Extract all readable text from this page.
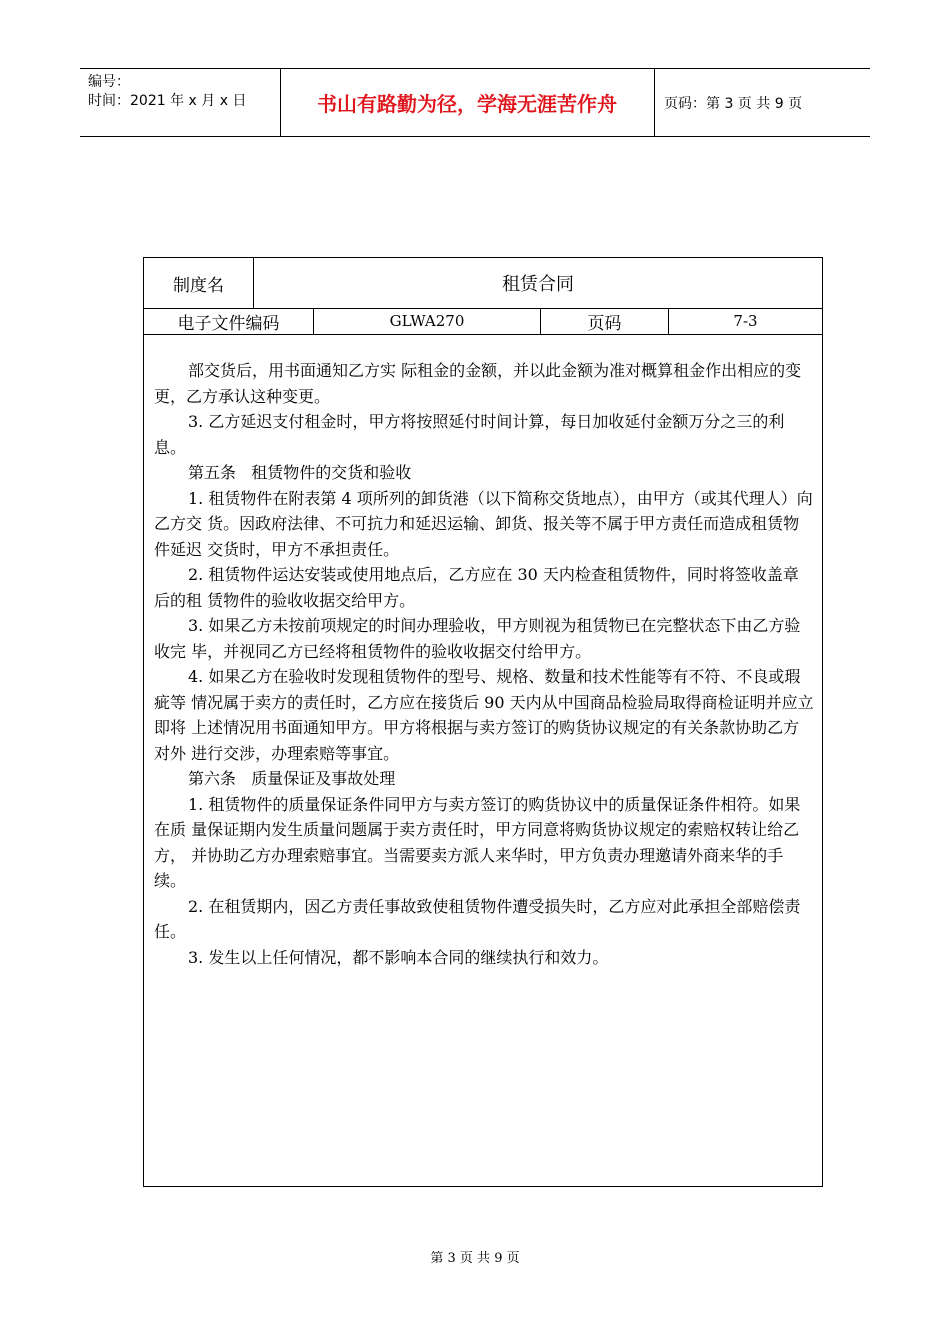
编号：
时间：2021 年 x 月 x 日	书山有路勤为径，学海无涯苦作舟	页码：第 3 页 共 9 页
制度名	租赁合同
电子文件编码	GLWA270	页码	7-3

部交货后，用书面通知乙方实 际租金的金额，并以此金额为准对概算租金作出相应的变更，乙方承认这种变更。

3. 乙方延迟支付租金时，甲方将按照延付时间计算，每日加收延付金额万分之三的利息。

第五条 租赁物件的交货和验收

1. 租赁物件在附表第 4 项所列的卸货港（以下简称交货地点），由甲方（或其代理人）向乙方交 货。因政府法律、不可抗力和延迟运输、卸货、报关等不属于甲方责任而造成租赁物件延迟 交货时，甲方不承担责任。

2. 租赁物件运达安装或使用地点后，乙方应在 30 天内检查租赁物件，同时将签收盖章后的租 赁物件的验收收据交给甲方。

3. 如果乙方未按前项规定的时间办理验收，甲方则视为租赁物已在完整状态下由乙方验收完 毕，并视同乙方已经将租赁物件的验收收据交付给甲方。

4. 如果乙方在验收时发现租赁物件的型号、规格、数量和技术性能等有不符、不良或瑕疵等 情况属于卖方的责任时，乙方应在接货后 90 天内从中国商品检验局取得商检证明并应立即将 上述情况用书面通知甲方。甲方将根据与卖方签订的购货协议规定的有关条款协助乙方对外 进行交涉，办理索赔等事宜。

第六条 质量保证及事故处理

1. 租赁物件的质量保证条件同甲方与卖方签订的购货协议中的质量保证条件相符。如果在质 量保证期内发生质量问题属于卖方责任时，甲方同意将购货协议规定的索赔权转让给乙方， 并协助乙方办理索赔事宜。当需要卖方派人来华时，甲方负责办理邀请外商来华的手续。

2. 在租赁期内，因乙方责任事故致使租赁物件遭受损失时，乙方应对此承担全部赔偿责任。

3. 发生以上任何情况，都不影响本合同的继续执行和效力。

第 3 页 共 9 页
